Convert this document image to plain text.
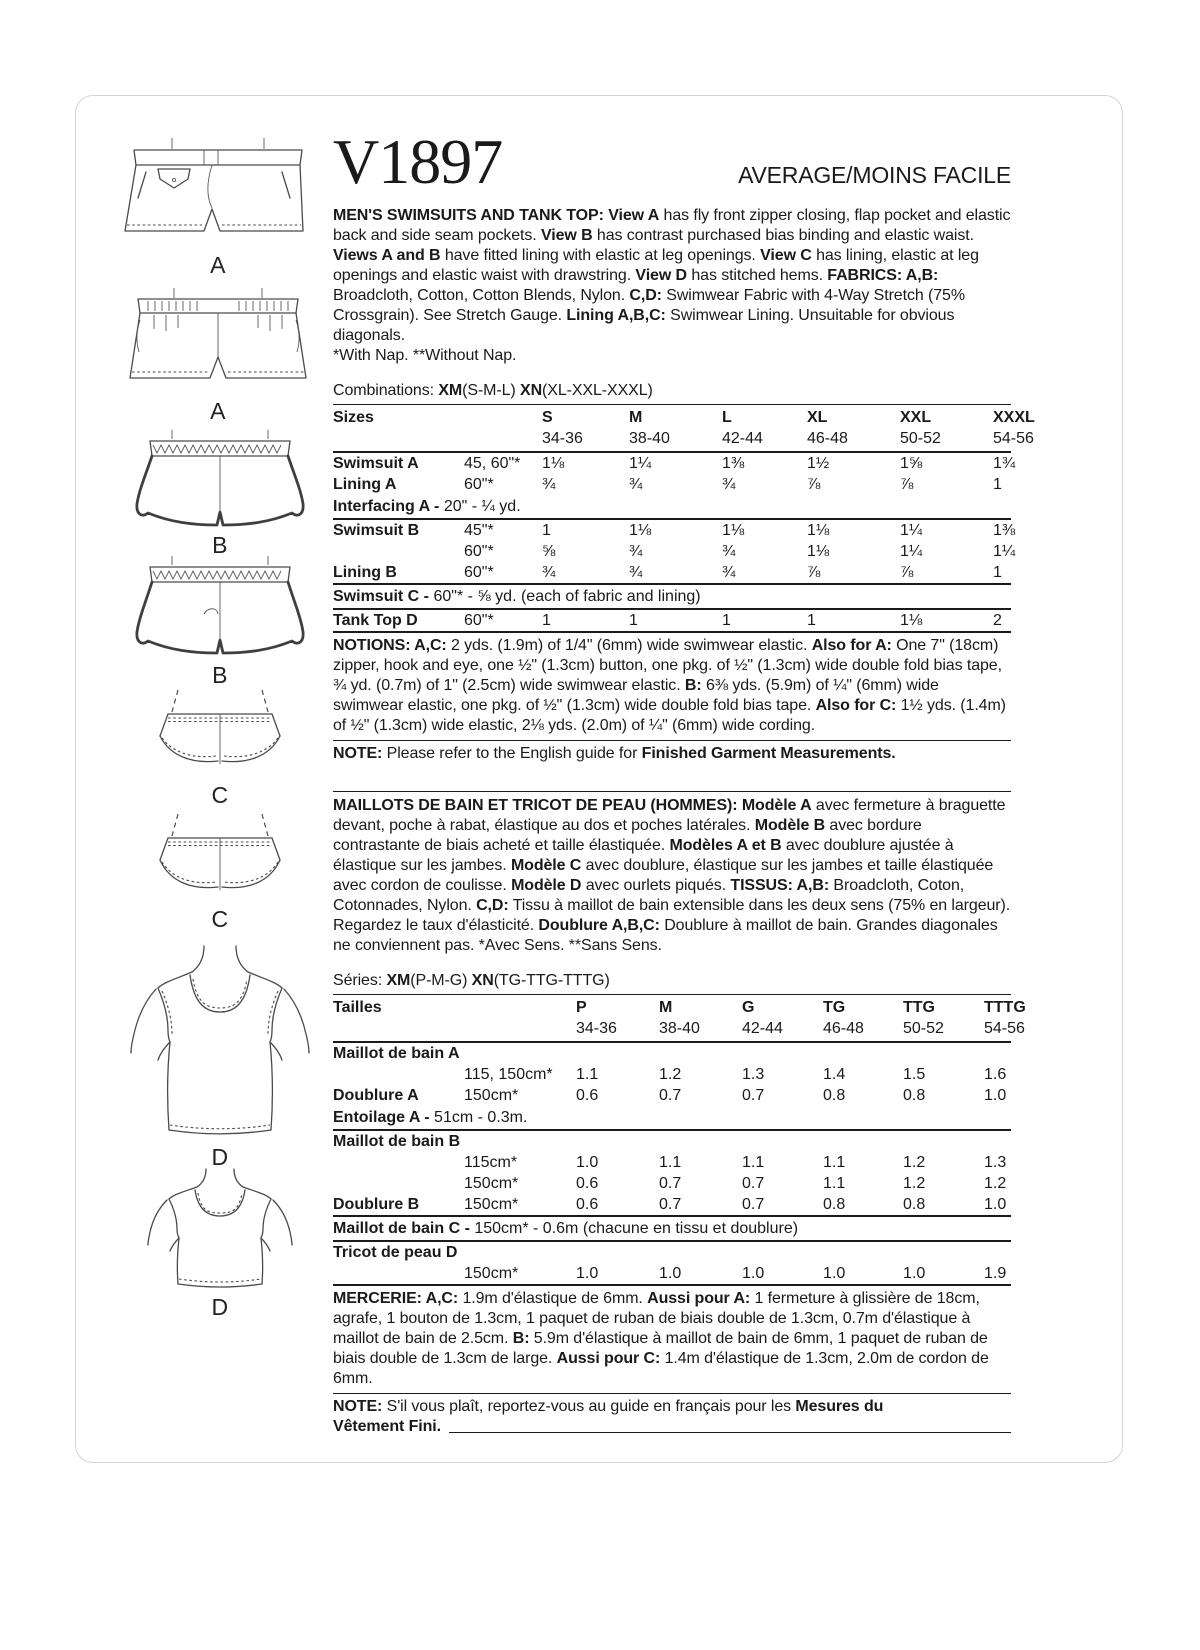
A
A
B
B
C
C
D
D
V1897	AVERAGE/MOINS FACILE

MEN'S SWIMSUITS AND TANK TOP: View A has fly front zipper closing, flap pocket and elastic back and side seam pockets. View B has contrast purchased bias binding and elastic waist. Views A and B have fitted lining with elastic at leg openings. View C has lining, elastic at leg openings and elastic waist with drawstring. View D has stitched hems. FABRICS: A,B: Broadcloth, Cotton, Cotton Blends, Nylon. C,D: Swimwear Fabric with 4-Way Stretch (75% Crossgrain). See Stretch Gauge. Lining A,B,C: Swimwear Lining. Unsuitable for obvious diagonals.

*With Nap. **Without Nap.

Combinations: XM(S-M-L) XN(XL-XXL-XXXL)
Sizes		S	M	L	XL	XXL	XXXL
		34-36	38-40	42-44	46-48	50-52	54-56
Swimsuit A	45, 60"*	1⅛	1¼	1⅜	1½	1⅝	1¾
Lining A	60"*	¾	¾	¾	⅞	⅞	1
Interfacing A - 20" - ¼ yd.							
Swimsuit B	45"*	1	1⅛	1⅛	1⅛	1¼	1⅜
	60"*	⅝	¾	¾	1⅛	1¼	1¼
Lining B	60"*	¾	¾	¾	⅞	⅞	1
Swimsuit C - 60"* - ⅝ yd. (each of fabric and lining)							
Tank Top D	60"*	1	1	1	1	1⅛	2

NOTIONS: A,C: 2 yds. (1.9m) of 1/4" (6mm) wide swimwear elastic. Also for A: One 7" (18cm) zipper, hook and eye, one ½" (1.3cm) button, one pkg. of ½" (1.3cm) wide double fold bias tape, ¾ yd. (0.7m) of 1" (2.5cm) wide swimwear elastic. B: 6⅜ yds. (5.9m) of ¼" (6mm) wide swimwear elastic, one pkg. of ½" (1.3cm) wide double fold bias tape. Also for C: 1½ yds. (1.4m) of ½" (1.3cm) wide elastic, 2⅛ yds. (2.0m) of ¼" (6mm) wide cording.

NOTE: Please refer to the English guide for Finished Garment Measurements.

MAILLOTS DE BAIN ET TRICOT DE PEAU (HOMMES): Modèle A avec fermeture à braguette devant, poche à rabat, élastique au dos et poches latérales. Modèle B avec bordure contrastante de biais acheté et taille élastiquée. Modèles A et B avec doublure ajustée à élastique sur les jambes. Modèle C avec doublure, élastique sur les jambes et taille élastiquée avec cordon de coulisse. Modèle D avec ourlets piqués. TISSUS: A,B: Broadcloth, Coton, Cotonnades, Nylon. C,D: Tissu à maillot de bain extensible dans les deux sens (75% en largeur). Regardez le taux d'élasticité. Doublure A,B,C: Doublure à maillot de bain. Grandes diagonales ne conviennent pas. *Avec Sens. **Sans Sens.

Séries: XM(P-M-G) XN(TG-TTG-TTTG)
Tailles		P	M	G	TG	TTG	TTTG
		34-36	38-40	42-44	46-48	50-52	54-56
Maillot de bain A							
	115, 150cm*	1.1	1.2	1.3	1.4	1.5	1.6
Doublure A	150cm*	0.6	0.7	0.7	0.8	0.8	1.0
Entoilage A - 51cm - 0.3m.							
Maillot de bain B							
	115cm*	1.0	1.1	1.1	1.1	1.2	1.3
	150cm*	0.6	0.7	0.7	1.1	1.2	1.2
Doublure B	150cm*	0.6	0.7	0.7	0.8	0.8	1.0
Maillot de bain C - 150cm* - 0.6m (chacune en tissu et doublure)							
Tricot de peau D							
	150cm*	1.0	1.0	1.0	1.0	1.0	1.9

MERCERIE: A,C: 1.9m d'élastique de 6mm. Aussi pour A: 1 fermeture à glissière de 18cm, agrafe, 1 bouton de 1.3cm, 1 paquet de ruban de biais double de 1.3cm, 0.7m d'élastique à maillot de bain de 2.5cm. B: 5.9m d'élastique à maillot de bain de 6mm, 1 paquet de ruban de biais double de 1.3cm de large. Aussi pour C: 1.4m d'élastique de 1.3cm, 2.0m de cordon de 6mm.

NOTE: S'il vous plaît, reportez-vous au guide en français pour les Mesures du
Vêtement Fini.
